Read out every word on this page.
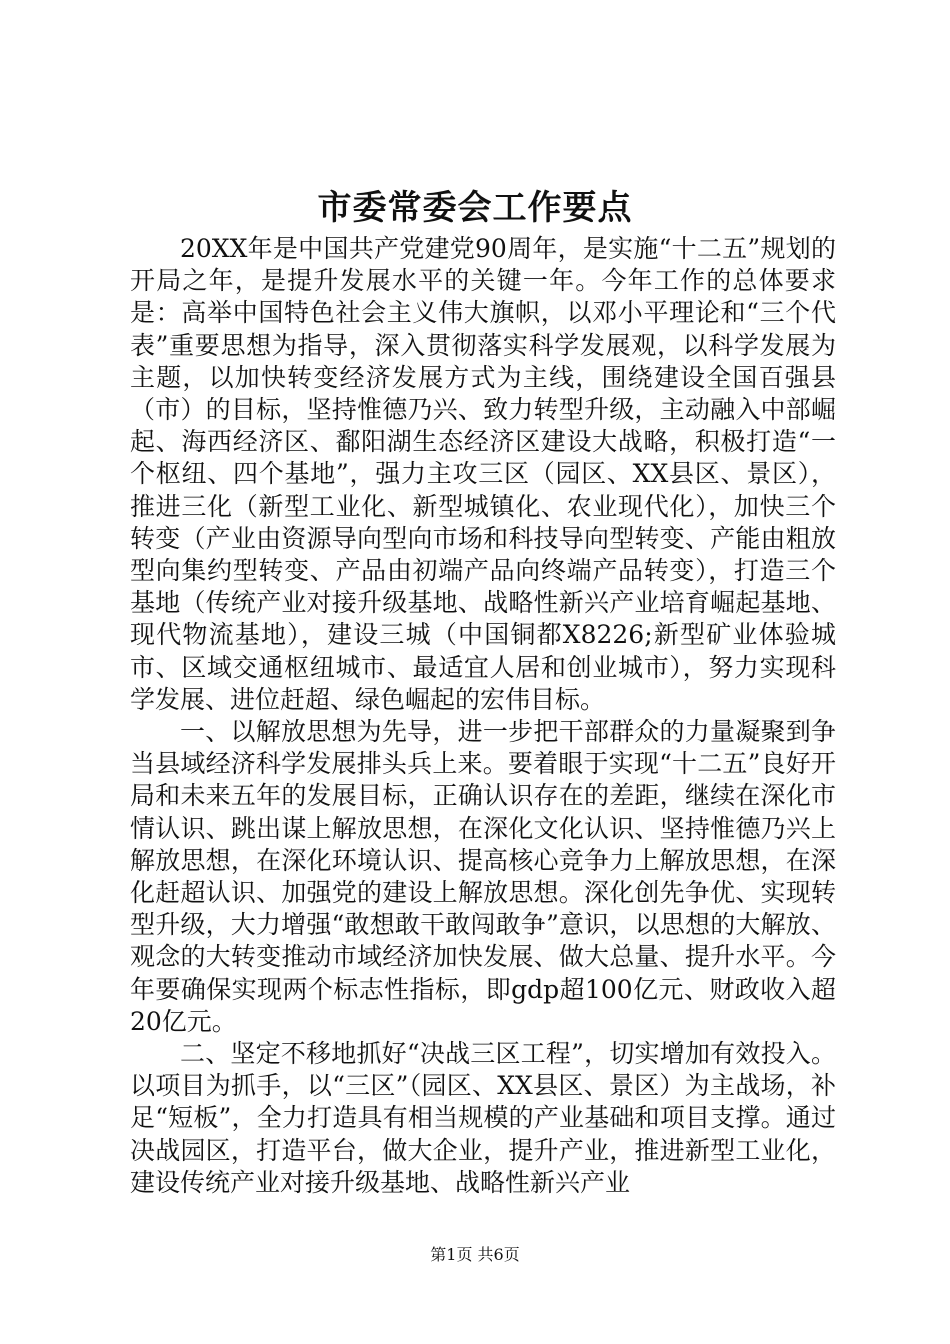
市委常委会工作要点

20XX年是中国共产党建党90周年，是实施“十二五”规划的开局之年，是提升发展水平的关键一年。今年工作的总体要求是：高举中国特色社会主义伟大旗帜，以邓小平理论和“三个代表”重要思想为指导，深入贯彻落实科学发展观，以科学发展为主题，以加快转变经济发展方式为主线，围绕建设全国百强县（市）的目标，坚持惟德乃兴、致力转型升级，主动融入中部崛起、海西经济区、鄱阳湖生态经济区建设大战略，积极打造“一个枢纽、四个基地”，强力主攻三区（园区、XX县区、景区），推进三化（新型工业化、新型城镇化、农业现代化），加快三个转变（产业由资源导向型向市场和科技导向型转变、产能由粗放型向集约型转变、产品由初端产品向终端产品转变），打造三个基地（传统产业对接升级基地、战略性新兴产业培育崛起基地、现代物流基地），建设三城（中国铜都X8226;新型矿业体验城市、区域交通枢纽城市、最适宜人居和创业城市），努力实现科学发展、进位赶超、绿色崛起的宏伟目标。

一、以解放思想为先导，进一步把干部群众的力量凝聚到争当县域经济科学发展排头兵上来。要着眼于实现“十二五”良好开局和未来五年的发展目标，正确认识存在的差距，继续在深化市情认识、跳出谋上解放思想，在深化文化认识、坚持惟德乃兴上解放思想，在深化环境认识、提高核心竞争力上解放思想，在深化赶超认识、加强党的建设上解放思想。深化创先争优、实现转型升级，大力增强“敢想敢干敢闯敢争”意识，以思想的大解放、观念的大转变推动市域经济加快发展、做大总量、提升水平。今年要确保实现两个标志性指标，即gdp超100亿元、财政收入超20亿元。

二、坚定不移地抓好“决战三区工程”，切实增加有效投入。以项目为抓手，以“三区”（园区、XX县区、景区）为主战场，补足“短板”，全力打造具有相当规模的产业基础和项目支撑。通过决战园区，打造平台，做大企业，提升产业，推进新型工业化，建设传统产业对接升级基地、战略性新兴产业

第1页 共6页
